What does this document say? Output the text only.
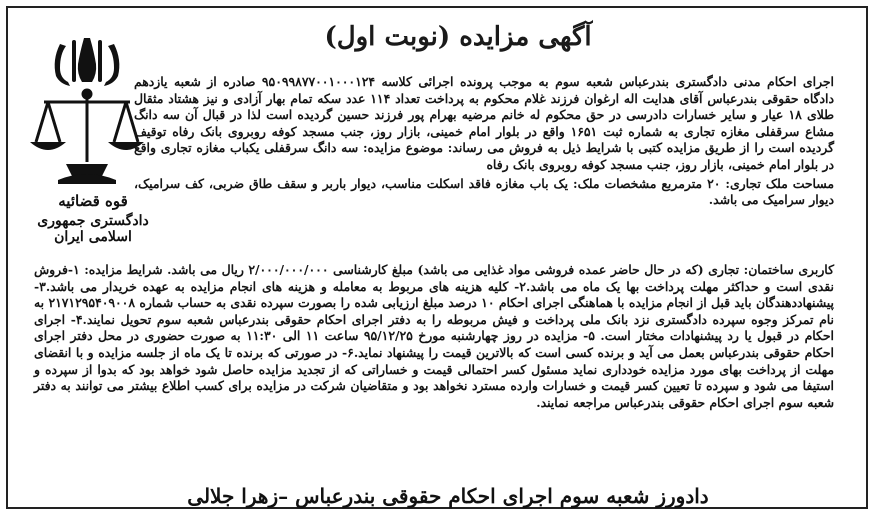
آگهی مزایده (نوبت اول)
قوه قضائیه
دادگستری جمهوری اسلامی ایران

اجرای احکام مدنی دادگستری بندرعباس شعبه سوم به موجب پرونده اجرائی کلاسه ۹۵۰۹۹۸۷۷۰۰۱۰۰۰۱۲۴ صادره از شعبه یازدهم دادگاه حقوقی بندرعباس آقای هدایت اله ارغوان فرزند غلام محکوم به پرداخت تعداد ۱۱۴ عدد سکه تمام بهار آزادی و نیز هشتاد مثقال طلای ۱۸ عیار و سایر خسارات دادرسی در حق محکوم له خانم مرضیه بهرام پور فرزند حسین گردیده است لذا در قبال آن سه دانگ مشاع سرقفلی مغازه تجاری به شماره ثبت ۱۶۵۱ واقع در بلوار امام خمینی، بازار روز، جنب مسجد کوفه روبروی بانک رفاه توقیف گردیده است را از طریق مزایده کتبی با شرایط ذیل به فروش می رساند: موضوع مزایده: سه دانگ سرقفلی یکباب مغازه تجاری واقع در بلوار امام خمینی، بازار روز، جنب مسجد کوفه روبروی بانک رفاه

مساحت ملک تجاری: ۲۰ مترمربع مشخصات ملک: یک باب مغازه فاقد اسکلت مناسب، دیوار باربر و سقف طاق ضربی، کف سرامیک، دیوار سرامیک می باشد.

کاربری ساختمان: تجاری (که در حال حاضر عمده فروشی مواد غذایی می باشد) مبلغ کارشناسی ۲/۰۰۰/۰۰۰/۰۰۰ ریال می باشد. شرایط مزایده: ۱-فروش نقدی است و حداکثر مهلت پرداخت بها یک ماه می باشد.۲- کلیه هزینه های مربوط به معامله و هزینه های انجام مزایده به عهده خریدار می باشد.۳- پیشنهاددهندگان باید قبل از انجام مزایده با هماهنگی اجرای احکام ۱۰ درصد مبلغ ارزیابی شده را بصورت سپرده نقدی به حساب شماره ۲۱۷۱۲۹۵۴۰۹۰۰۸ به نام تمرکز وجوه سپرده دادگستری نزد بانک ملی پرداخت و فیش مربوطه را به دفتر اجرای احکام حقوقی بندرعباس شعبه سوم تحویل نمایند.۴- اجرای احکام در قبول یا رد پیشنهادات مختار است. ۵- مزایده در روز چهارشنبه مورخ ۹۵/۱۲/۲۵ ساعت ۱۱ الی ۱۱:۳۰ به صورت حضوری در محل دفتر اجرای احکام حقوقی بندرعباس بعمل می آید و برنده کسی است که بالاترین قیمت را پیشنهاد نماید.۶- در صورتی که برنده تا یک ماه از جلسه مزایده و با انقضای مهلت از پرداخت بهای مورد مزایده خودداری نماید مسئول کسر احتمالی قیمت و خساراتی که از تجدید مزایده حاصل شود خواهد بود که بدوا از سپرده و استیفا می شود و سپرده تا تعیین کسر قیمت و خسارات وارده مسترد نخواهد بود و متقاضیان شرکت در مزایده برای کسب اطلاع بیشتر می توانند به دفتر شعبه سوم اجرای احکام حقوقی بندرعباس مراجعه نمایند.

دادورز شعبه سوم اجرای احکام حقوقی بندرعباس –زهرا جلالی
